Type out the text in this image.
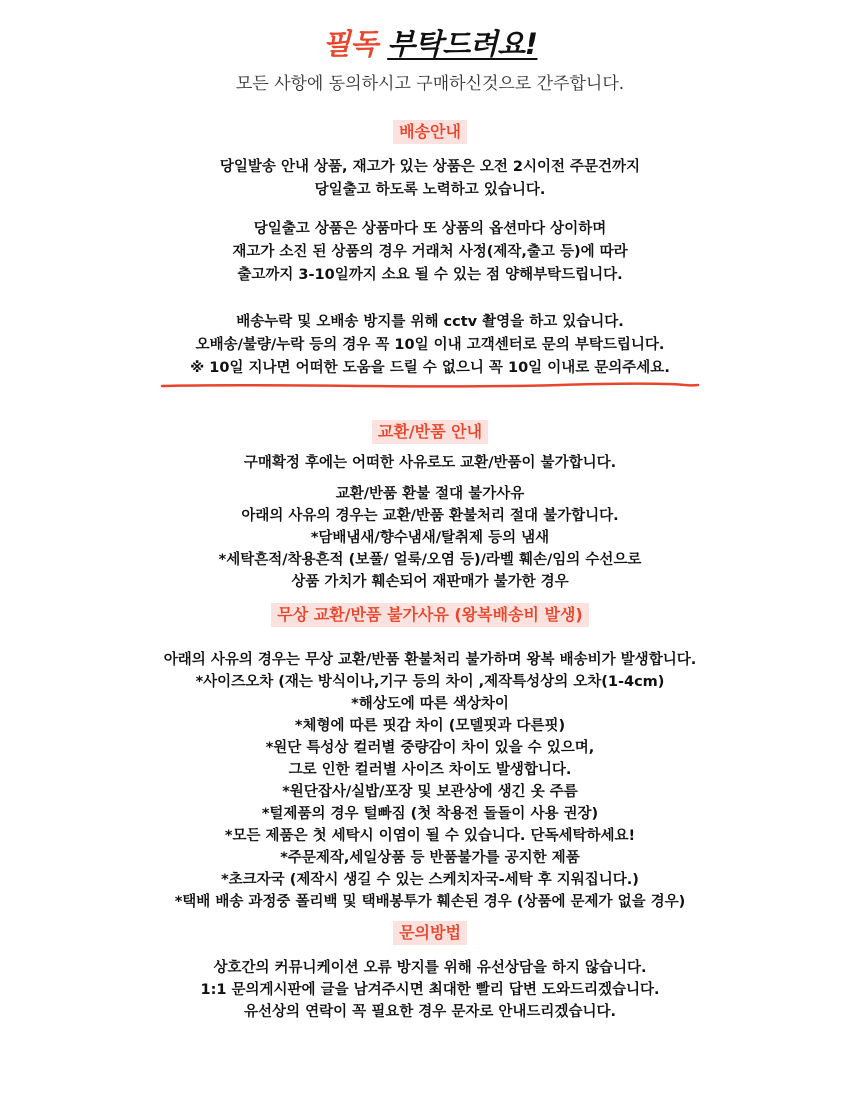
필독 부탁드려요!

모든 사항에 동의하시고 구매하신것으로 간주합니다.

배송안내

당일발송 안내 상품, 재고가 있는 상품은 오전 2시이전 주문건까지
당일출고 하도록 노력하고 있습니다.

당일출고 상품은 상품마다 또 상품의 옵션마다 상이하며
재고가 소진 된 상품의 경우 거래처 사정(제작,출고 등)에 따라
출고까지 3-10일까지 소요 될 수 있는 점 양해부탁드립니다.

배송누락 및 오배송 방지를 위해 cctv 촬영을 하고 있습니다.
오배송/불량/누락 등의 경우 꼭 10일 이내 고객센터로 문의 부탁드립니다.
※ 10일 지나면 어떠한 도움을 드릴 수 없으니 꼭 10일 이내로 문의주세요.

교환/반품 안내

구매확정 후에는 어떠한 사유로도 교환/반품이 불가합니다.

교환/반품 환불 절대 불가사유
아래의 사유의 경우는 교환/반품 환불처리 절대 불가합니다.
*담배냄새/향수냄새/탈취제 등의 냄새
*세탁흔적/착용흔적 (보풀/ 얼룩/오염 등)/라벨 훼손/임의 수선으로
상품 가치가 훼손되어 재판매가 불가한 경우

무상 교환/반품 불가사유 (왕복배송비 발생)

아래의 사유의 경우는 무상 교환/반품 환불처리 불가하며 왕복 배송비가 발생합니다.
*사이즈오차 (재는 방식이나,기구 등의 차이 ,제작특성상의 오차(1-4cm)
*해상도에 따른 색상차이
*체형에 따른 핏감 차이 (모델핏과 다른핏)
*원단 특성상 컬러별 중량감이 차이 있을 수 있으며,
그로 인한 컬러별 사이즈 차이도 발생합니다.
*원단잡사/실밥/포장 및 보관상에 생긴 옷 주름
*털제품의 경우 털빠짐 (첫 착용전 돌돌이 사용 권장)
*모든 제품은 첫 세탁시 이염이 될 수 있습니다. 단독세탁하세요!
*주문제작,세일상품 등 반품불가를 공지한 제품
*초크자국 (제작시 생길 수 있는 스케치자국-세탁 후 지워집니다.)
*택배 배송 과정중 폴리백 및 택배봉투가 훼손된 경우 (상품에 문제가 없을 경우)

문의방법

상호간의 커뮤니케이션 오류 방지를 위해 유선상담을 하지 않습니다.
1:1 문의게시판에 글을 남겨주시면 최대한 빨리 답변 도와드리겠습니다.
유선상의 연락이 꼭 필요한 경우 문자로 안내드리겠습니다.
